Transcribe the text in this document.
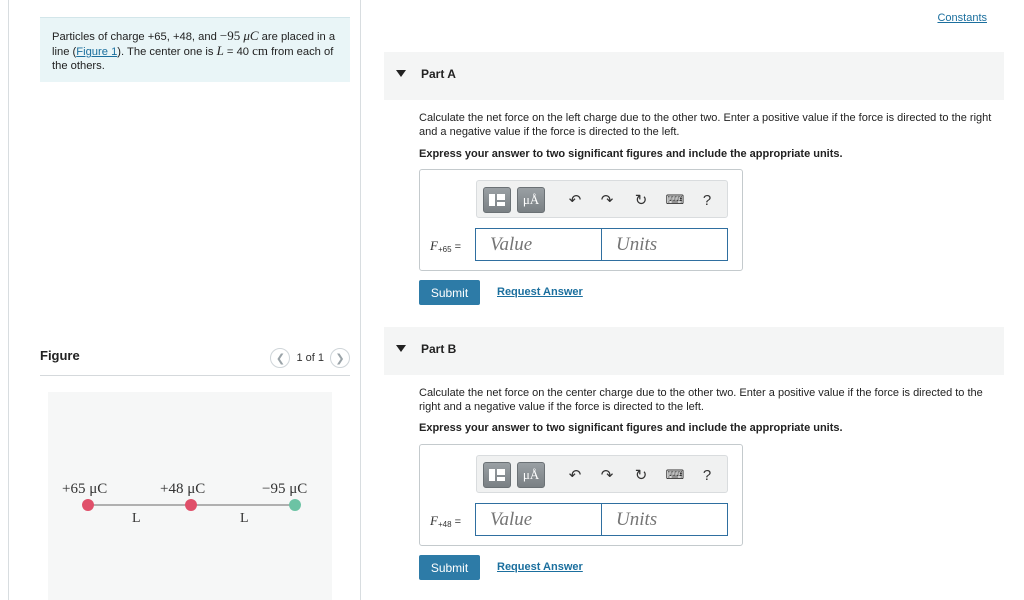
Particles of charge +65, +48, and −95 μC are placed in a line (Figure 1). The center one is L = 40 cm from each of the others.
Figure	❮ 1 of 1 ❯
+65 μC	+48 μC	−95 μC
L	L
Constants
Part A
Calculate the net force on the left charge due to the other two. Enter a positive value if the force is directed to the right and a negative value if the force is directed to the left.
Express your answer to two significant figures and include the appropriate units.
μÅ ↶ ↷ ↻ ⌨	?
$F_{+65}$ =
Value
Units
Submit	Request Answer
Part B
Calculate the net force on the center charge due to the other two. Enter a positive value if the force is directed to the right and a negative value if the force is directed to the left.
Express your answer to two significant figures and include the appropriate units.
μÅ ↶ ↷ ↻ ⌨	?
$F_{+48}$ =
Value
Units
Submit	Request Answer
